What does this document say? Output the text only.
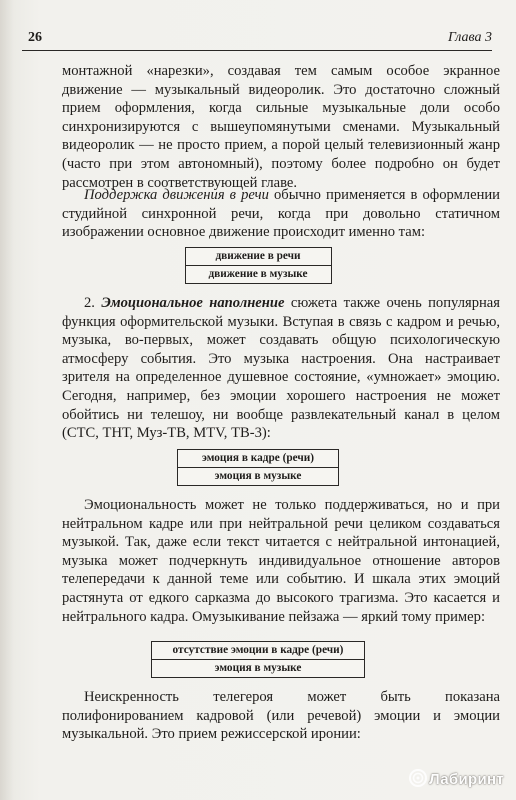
26	Глава 3

монтажной «нарезки», создавая тем самым особое экранное движение — музыкальный видеоролик. Это достаточно сложный прием оформления, когда сильные музыкальные доли особо синхронизируются с вышеупомянутыми сменами. Музыкальный видеоролик — не просто прием, а порой целый телевизионный жанр (часто при этом автономный), поэтому более подробно он будет рассмотрен в соответствующей главе.

Поддержка движения в речи обычно применяется в оформлении студийной синхронной речи, когда при довольно статичном изображении основное движение происходит именно там:

движение в речи
движение в музыке

2. Эмоциональное наполнение сюжета также очень популярная функция оформительской музыки. Вступая в связь с кадром и речью, музыка, во-первых, может создавать общую психологическую атмосферу события. Это музыка настроения. Она настраивает зрителя на определенное душевное состояние, «умножает» эмоцию. Сегодня, например, без эмоции хорошего настроения не может обойтись ни телешоу, ни вообще развлекательный канал в целом (СТС, ТНТ, Муз-ТВ, MTV, ТВ-3):

эмоция в кадре (речи)
эмоция в музыке

Эмоциональность может не только поддерживаться, но и при нейтральном кадре или при нейтральной речи целиком создаваться музыкой. Так, даже если текст читается с нейтральной интонацией, музыка может подчеркнуть индивидуальное отношение авторов телепередачи к данной теме или событию. И шкала этих эмоций растянута от едкого сарказма до высокого трагизма. Это касается и нейтрального кадра. Омузыкивание пейзажа — яркий тому пример:

отсутствие эмоции в кадре (речи)
эмоция в музыке

Неискренность телегероя может быть показана полифонированием кадровой (или речевой) эмоции и эмоции музыкальной. Это прием режиссерской иронии:

Лабиринт
